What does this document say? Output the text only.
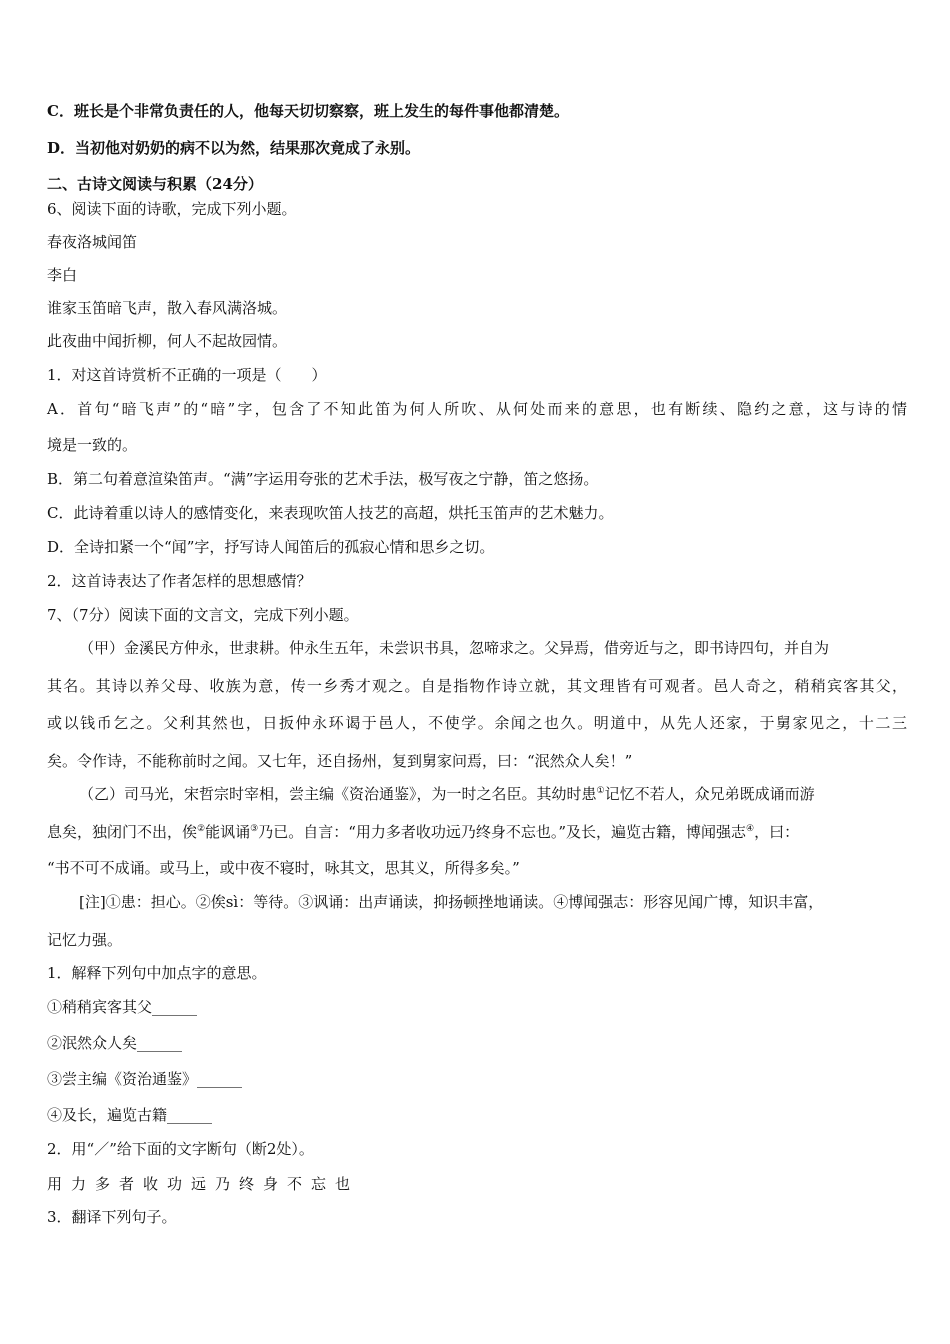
C．班长是个非常负责任的人，他每天切切察察，班上发生的每件事他都清楚。
D．当初他对奶奶的病不以为然，结果那次竟成了永别。
二、古诗文阅读与积累（24分）
6、阅读下面的诗歌，完成下列小题。
春夜洛城闻笛
李白
谁家玉笛暗飞声，散入春风满洛城。
此夜曲中闻折柳，何人不起故园情。
1．对这首诗赏析不正确的一项是（　　）
A．首句“暗飞声”的“暗”字，包含了不知此笛为何人所吹、从何处而来的意思，也有断续、隐约之意，这与诗的情
境是一致的。
B．第二句着意渲染笛声。“满”字运用夸张的艺术手法，极写夜之宁静，笛之悠扬。
C．此诗着重以诗人的感情变化，来表现吹笛人技艺的高超，烘托玉笛声的艺术魅力。
D．全诗扣紧一个“闻”字，抒写诗人闻笛后的孤寂心情和思乡之切。
2．这首诗表达了作者怎样的思想感情？
7、（7分）阅读下面的文言文，完成下列小题。
（甲）金溪民方仲永，世隶耕。仲永生五年，未尝识书具，忽啼求之。父异焉，借旁近与之，即书诗四句，并自为
其名。其诗以养父母、收族为意，传一乡秀才观之。自是指物作诗立就，其文理皆有可观者。邑人奇之，稍稍宾客其父，
或以钱币乞之。父利其然也，日扳仲永环谒于邑人，不使学。余闻之也久。明道中，从先人还家，于舅家见之，十二三
矣。令作诗，不能称前时之闻。又七年，还自扬州，复到舅家问焉，曰：“泯然众人矣！”
（乙）司马光，宋哲宗时宰相，尝主编《资治通鉴》，为一时之名臣。其幼时患①记忆不若人，众兄弟既成诵而游
息矣，独闭门不出，俟②能讽诵③乃已。自言：“用力多者收功远乃终身不忘也。”及长，遍览古籍，博闻强志④，曰：
“书不可不成诵。或马上，或中夜不寝时，咏其文，思其义，所得多矣。”
[注]①患：担心。②俟sì：等待。③讽诵：出声诵读，抑扬顿挫地诵读。④博闻强志：形容见闻广博，知识丰富，
记忆力强。
1．解释下列句中加点字的意思。
①稍稍宾客其父______
②泯然众人矣______
③尝主编《资治通鉴》______
④及长，遍览古籍______
2．用“／”给下面的文字断句（断2处）。
用力多者收功远乃终身不忘也
3．翻译下列句子。
